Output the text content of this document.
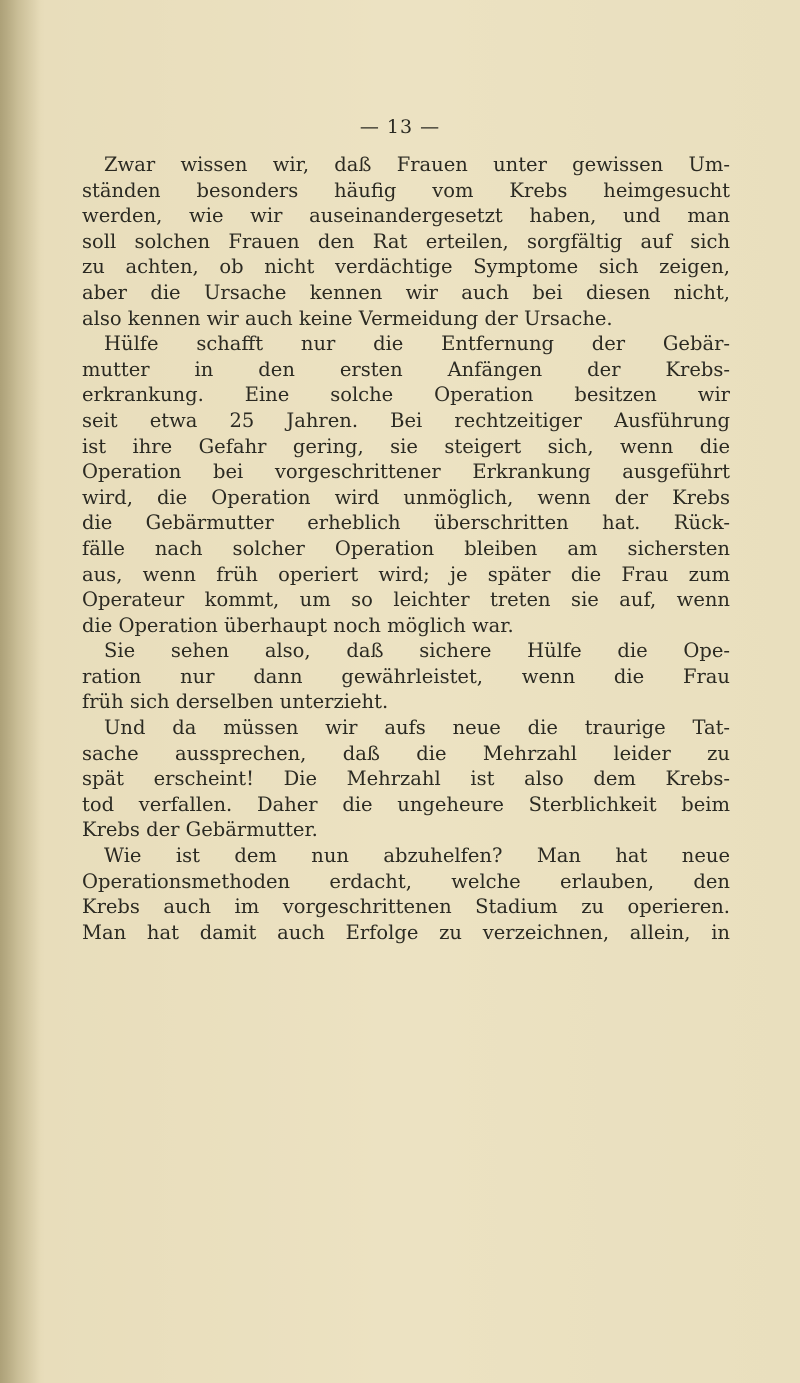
— 13 —
Zwar wissen wir, daß Frauen unter gewissen Um-
ständen besonders häufig vom Krebs heimgesucht
werden, wie wir auseinandergesetzt haben, und man
soll solchen Frauen den Rat erteilen, sorgfältig auf sich
zu achten, ob nicht verdächtige Symptome sich zeigen,
aber die Ursache kennen wir auch bei diesen nicht,
also kennen wir auch keine Vermeidung der Ursache.
Hülfe schafft nur die Entfernung der Gebär-
mutter in den ersten Anfängen der Krebs-
erkrankung. Eine solche Operation besitzen wir
seit etwa 25 Jahren. Bei rechtzeitiger Ausführung
ist ihre Gefahr gering, sie steigert sich, wenn die
Operation bei vorgeschrittener Erkrankung ausgeführt
wird, die Operation wird unmöglich, wenn der Krebs
die Gebärmutter erheblich überschritten hat. Rück-
fälle nach solcher Operation bleiben am sichersten
aus, wenn früh operiert wird; je später die Frau zum
Operateur kommt, um so leichter treten sie auf, wenn
die Operation überhaupt noch möglich war.
Sie sehen also, daß sichere Hülfe die Ope-
ration nur dann gewährleistet, wenn die Frau
früh sich derselben unterzieht.
Und da müssen wir aufs neue die traurige Tat-
sache aussprechen, daß die Mehrzahl leider zu
spät erscheint! Die Mehrzahl ist also dem Krebs-
tod verfallen. Daher die ungeheure Sterblichkeit beim
Krebs der Gebärmutter.
Wie ist dem nun abzuhelfen? Man hat neue
Operationsmethoden erdacht, welche erlauben, den
Krebs auch im vorgeschrittenen Stadium zu operieren.
Man hat damit auch Erfolge zu verzeichnen, allein, in
